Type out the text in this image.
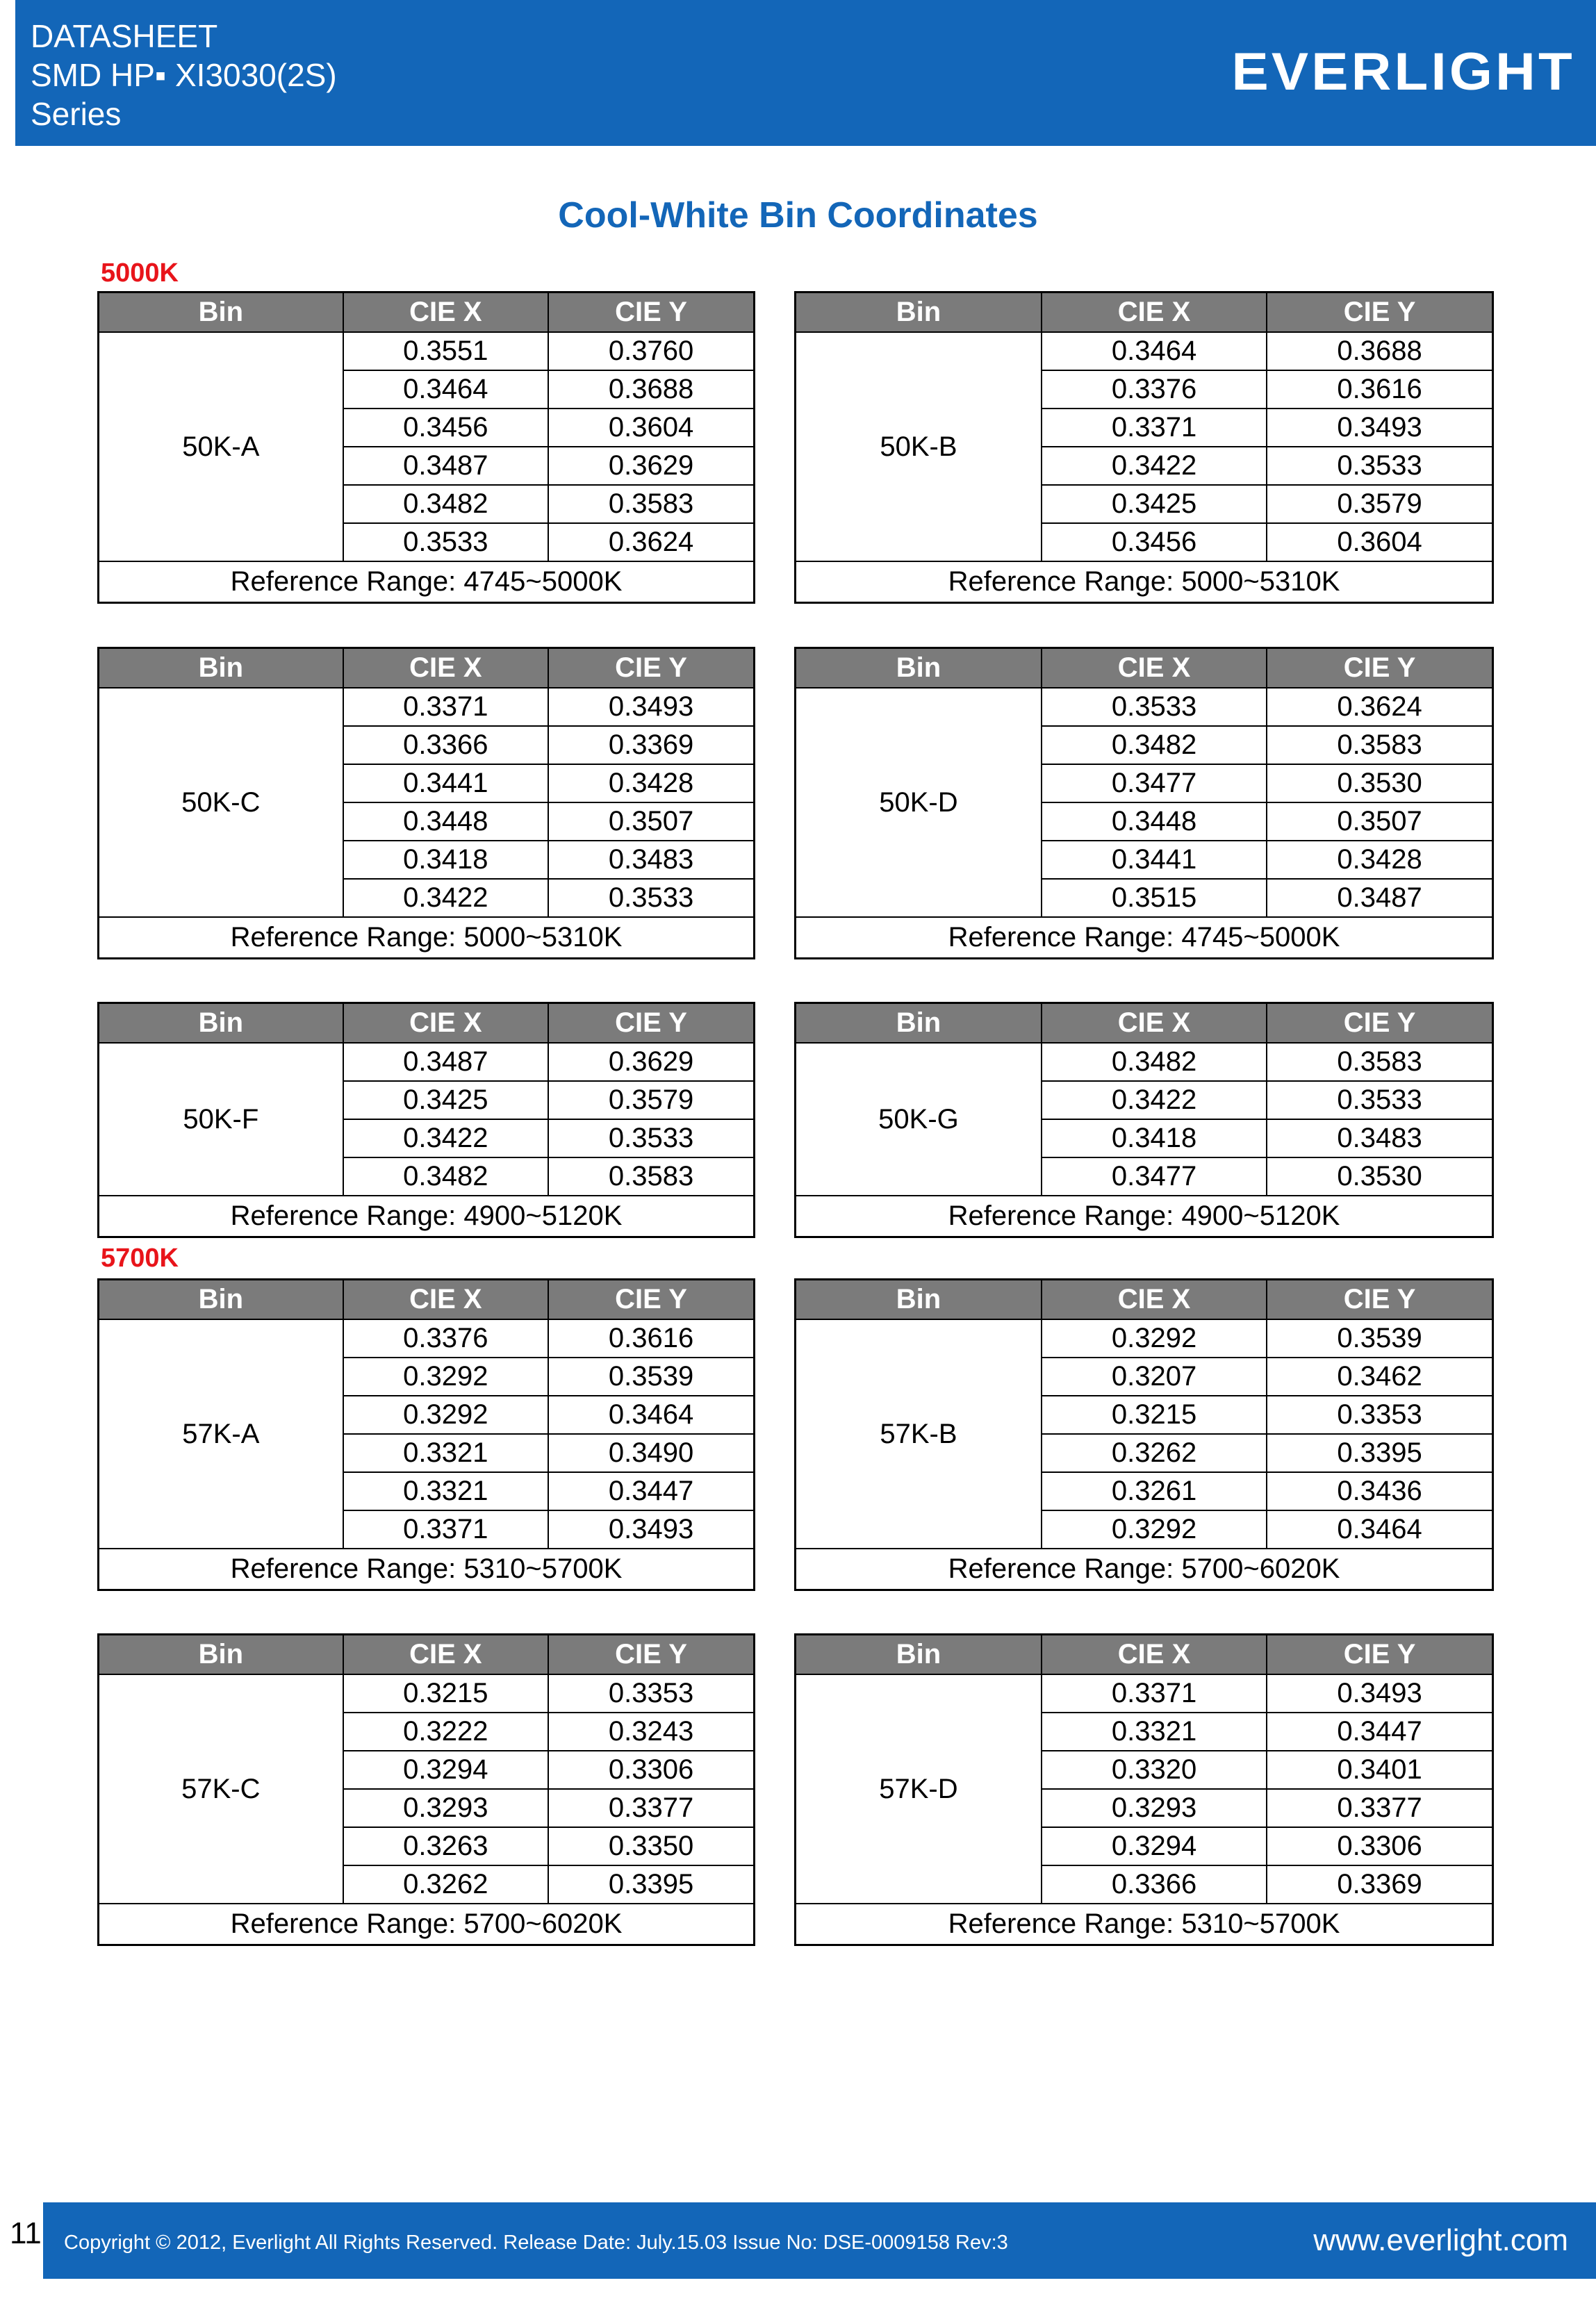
DATASHEET
SMD HP▪ XI3030(2S)
Series
EVERLIGHT
Cool-White Bin Coordinates
5000K
5700K
Bin	CIE X	CIE Y
50K-A	0.3551	0.3760
	0.3464	0.3688
	0.3456	0.3604
	0.3487	0.3629
	0.3482	0.3583
	0.3533	0.3624
Reference Range: 4745~5000K		
Bin	CIE X	CIE Y
50K-B	0.3464	0.3688
	0.3376	0.3616
	0.3371	0.3493
	0.3422	0.3533
	0.3425	0.3579
	0.3456	0.3604
Reference Range: 5000~5310K		
Bin	CIE X	CIE Y
50K-C	0.3371	0.3493
	0.3366	0.3369
	0.3441	0.3428
	0.3448	0.3507
	0.3418	0.3483
	0.3422	0.3533
Reference Range: 5000~5310K		
Bin	CIE X	CIE Y
50K-D	0.3533	0.3624
	0.3482	0.3583
	0.3477	0.3530
	0.3448	0.3507
	0.3441	0.3428
	0.3515	0.3487
Reference Range: 4745~5000K		
Bin	CIE X	CIE Y
50K-F	0.3487	0.3629
	0.3425	0.3579
	0.3422	0.3533
	0.3482	0.3583
Reference Range: 4900~5120K		
Bin	CIE X	CIE Y
50K-G	0.3482	0.3583
	0.3422	0.3533
	0.3418	0.3483
	0.3477	0.3530
Reference Range: 4900~5120K		
Bin	CIE X	CIE Y
57K-A	0.3376	0.3616
	0.3292	0.3539
	0.3292	0.3464
	0.3321	0.3490
	0.3321	0.3447
	0.3371	0.3493
Reference Range: 5310~5700K		
Bin	CIE X	CIE Y
57K-B	0.3292	0.3539
	0.3207	0.3462
	0.3215	0.3353
	0.3262	0.3395
	0.3261	0.3436
	0.3292	0.3464
Reference Range: 5700~6020K		
Bin	CIE X	CIE Y
57K-C	0.3215	0.3353
	0.3222	0.3243
	0.3294	0.3306
	0.3293	0.3377
	0.3263	0.3350
	0.3262	0.3395
Reference Range: 5700~6020K		
Bin	CIE X	CIE Y
57K-D	0.3371	0.3493
	0.3321	0.3447
	0.3320	0.3401
	0.3293	0.3377
	0.3294	0.3306
	0.3366	0.3369
Reference Range: 5310~5700K		
11 Copyright © 2012, Everlight All Rights Reserved. Release Date: July.15.03 Issue No: DSE-0009158 Rev:3	www.everlight.com
